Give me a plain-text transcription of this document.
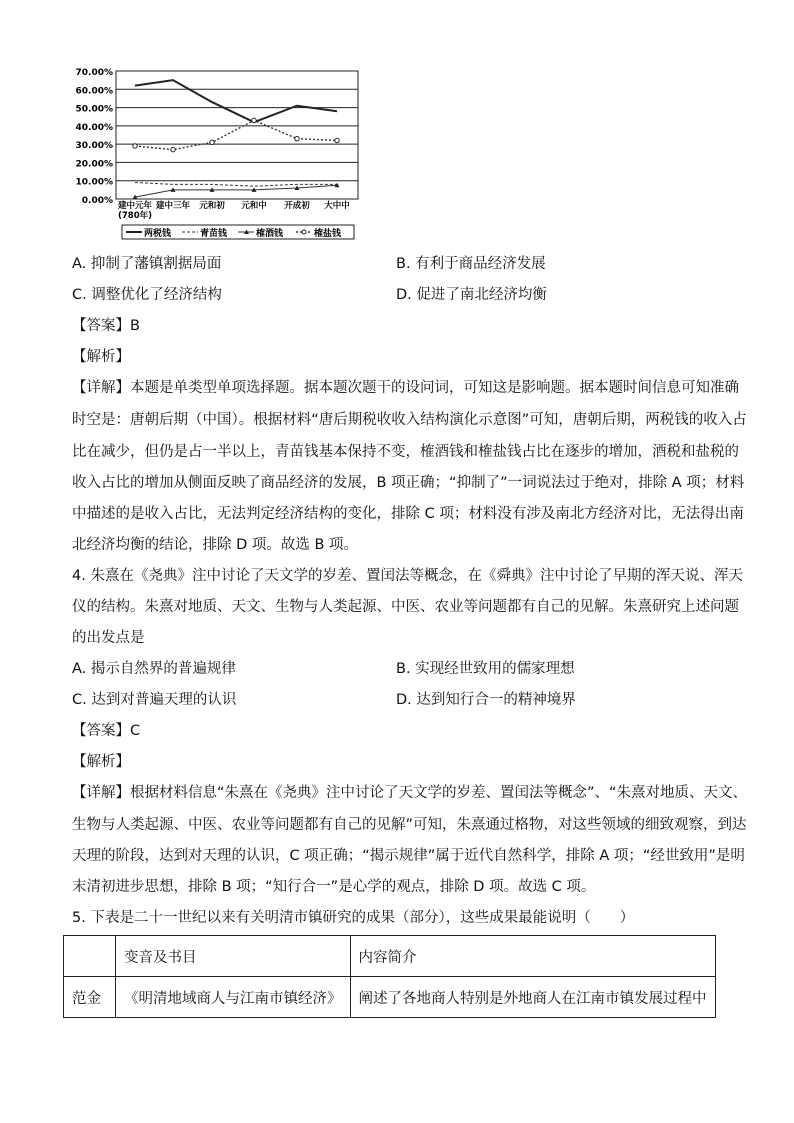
70.00%
60.00%
50.00%
40.00%
30.00%
20.00%
10.00%
0.00% 建中元年
(780年)
建中三年 元和初 元和中 开成初 大中中
两税钱	青苗钱	榷酒钱	榷盐钱
A. 抑制了藩镇割据局面	B. 有利于商品经济发展
C. 调整优化了经济结构	D. 促进了南北经济均衡
【答案】B
【解析】
【详解】本题是单类型单项选择题。据本题次题干的设问词，可知这是影响题。据本题时间信息可知准确
时空是：唐朝后期（中国）。根据材料“唐后期税收收入结构演化示意图”可知，唐朝后期，两税钱的收入占
比在减少，但仍是占一半以上，青苗钱基本保持不变，榷酒钱和榷盐钱占比在逐步的增加，酒税和盐税的
收入占比的增加从侧面反映了商品经济的发展，B 项正确；“抑制了”一词说法过于绝对，排除 A 项；材料
中描述的是收入占比，无法判定经济结构的变化，排除 C 项；材料没有涉及南北方经济对比，无法得出南
北经济均衡的结论，排除 D 项。故选 B 项。
4. 朱熹在《尧典》注中讨论了天文学的岁差、置闰法等概念，在《舜典》注中讨论了早期的浑天说、浑天
仪的结构。朱熹对地质、天文、生物与人类起源、中医、农业等问题都有自己的见解。朱熹研究上述问题
的出发点是
A. 揭示自然界的普遍规律	B. 实现经世致用的儒家理想
C. 达到对普遍天理的认识	D. 达到知行合一的精神境界
【答案】C
【解析】
【详解】根据材料信息“朱熹在《尧典》注中讨论了天文学的岁差、置闰法等概念”、“朱熹对地质、天文、
生物与人类起源、中医、农业等问题都有自己的见解”可知，朱熹通过格物，对这些领域的细致观察，到达
天理的阶段，达到对天理的认识，C 项正确；“揭示规律”属于近代自然科学，排除 A 项；“经世致用”是明
末清初进步思想，排除 B 项；“知行合一”是心学的观点，排除 D 项。故选 C 项。
5. 下表是二十一世纪以来有关明清市镇研究的成果（部分），这些成果最能说明（　　）
	变音及书目	内容简介
范金	《明清地域商人与江南市镇经济》	阐述了各地商人特别是外地商人在江南市镇发展过程中
